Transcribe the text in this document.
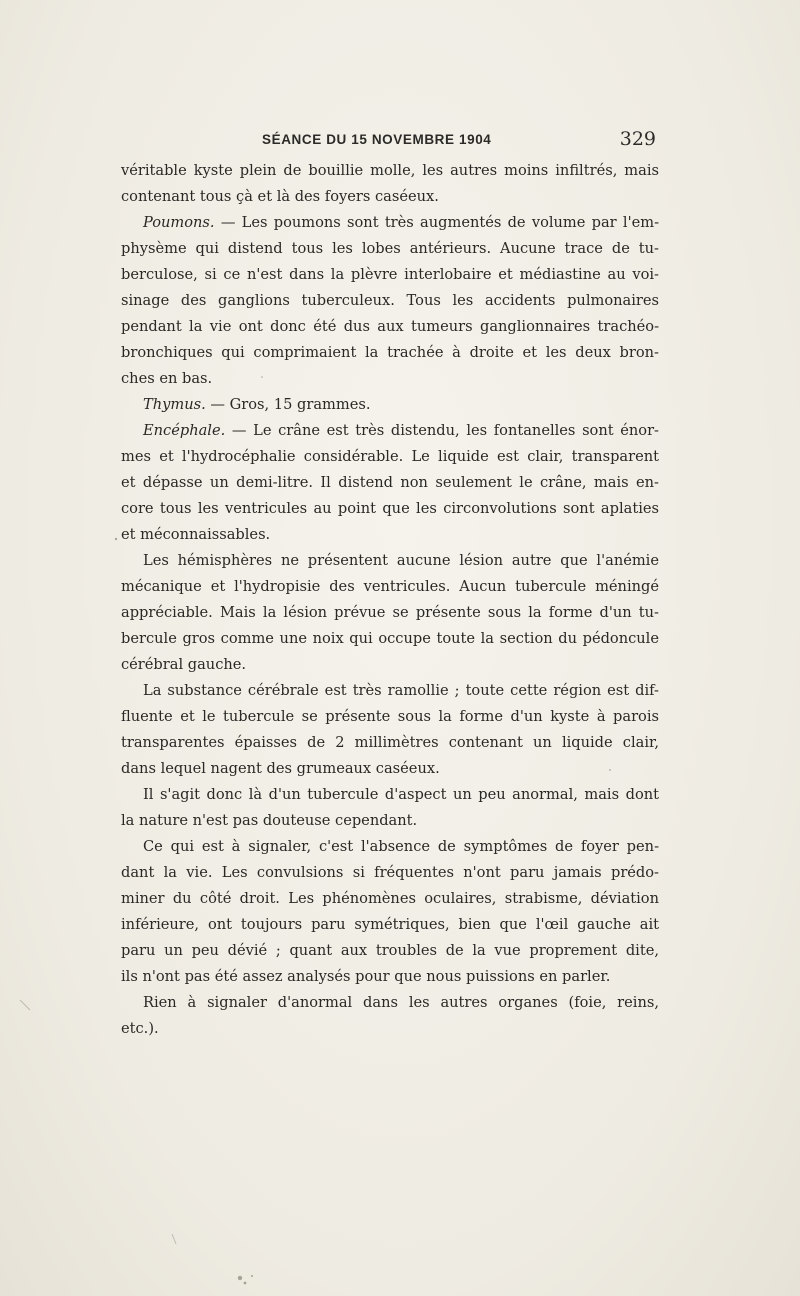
SÉANCE DU 15 NOVEMBRE 1904	329
véritable kyste plein de bouillie molle, les autres moins infiltrés, mais
contenant tous çà et là des foyers caséeux.
Poumons. — Les poumons sont très augmentés de volume par l'em-
physème qui distend tous les lobes antérieurs. Aucune trace de tu-
berculose, si ce n'est dans la plèvre interlobaire et médiastine au voi-
sinage des ganglions tuberculeux. Tous les accidents pulmonaires
pendant la vie ont donc été dus aux tumeurs ganglionnaires trachéo-
bronchiques qui comprimaient la trachée à droite et les deux bron-
ches en bas.
Thymus. — Gros, 15 grammes.
Encéphale. — Le crâne est très distendu, les fontanelles sont énor-
mes et l'hydrocéphalie considérable. Le liquide est clair, transparent
et dépasse un demi-litre. Il distend non seulement le crâne, mais en-
core tous les ventricules au point que les circonvolutions sont aplaties
et méconnaissables.
Les hémisphères ne présentent aucune lésion autre que l'anémie
mécanique et l'hydropisie des ventricules. Aucun tubercule méningé
appréciable. Mais la lésion prévue se présente sous la forme d'un tu-
bercule gros comme une noix qui occupe toute la section du pédoncule
cérébral gauche.
La substance cérébrale est très ramollie ; toute cette région est dif-
fluente et le tubercule se présente sous la forme d'un kyste à parois
transparentes épaisses de 2 millimètres contenant un liquide clair,
dans lequel nagent des grumeaux caséeux.
Il s'agit donc là d'un tubercule d'aspect un peu anormal, mais dont
la nature n'est pas douteuse cependant.
Ce qui est à signaler, c'est l'absence de symptômes de foyer pen-
dant la vie. Les convulsions si fréquentes n'ont paru jamais prédo-
miner du côté droit. Les phénomènes oculaires, strabisme, déviation
inférieure, ont toujours paru symétriques, bien que l'œil gauche ait
paru un peu dévié ; quant aux troubles de la vue proprement dite,
ils n'ont pas été assez analysés pour que nous puissions en parler.
Rien à signaler d'anormal dans les autres organes (foie, reins,
etc.).
